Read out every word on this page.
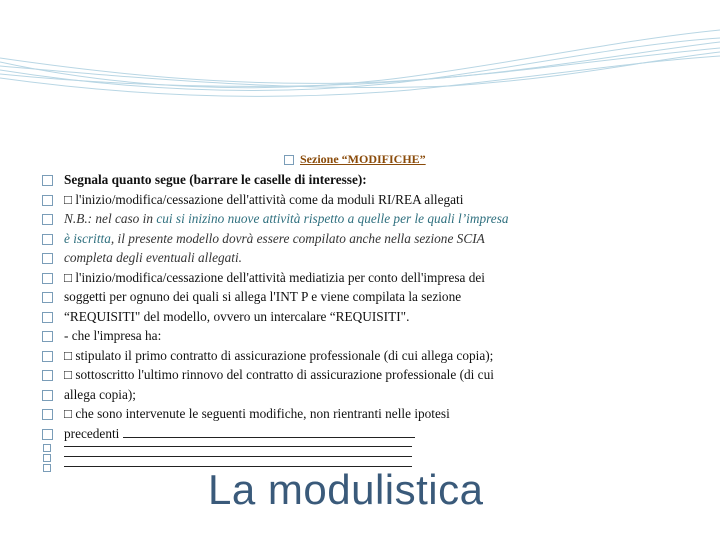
Sezione “MODIFICHE”
Segnala quanto segue (barrare le caselle di interesse):
□ l'inizio/modifica/cessazione dell'attività come da moduli RI/REA allegati
N.B.: nel caso in cui si inizino nuove attività rispetto a quelle per le quali l’impresa
è iscritta, il presente modello dovrà essere compilato anche nella sezione SCIA
completa degli eventuali allegati.
□ l'inizio/modifica/cessazione dell'attività mediatizia per conto dell'impresa dei
soggetti per ognuno dei quali si allega l'INT P e viene compilata la sezione
“REQUISITI" del modello, ovvero un intercalare “REQUISITI".
- che l'impresa ha:
□ stipulato il primo contratto di assicurazione professionale (di cui allega copia);
□ sottoscritto l'ultimo rinnovo del contratto di assicurazione professionale (di cui
allega copia);
□ che sono intervenute le seguenti modifiche, non rientranti nelle ipotesi
precedenti
La modulistica
